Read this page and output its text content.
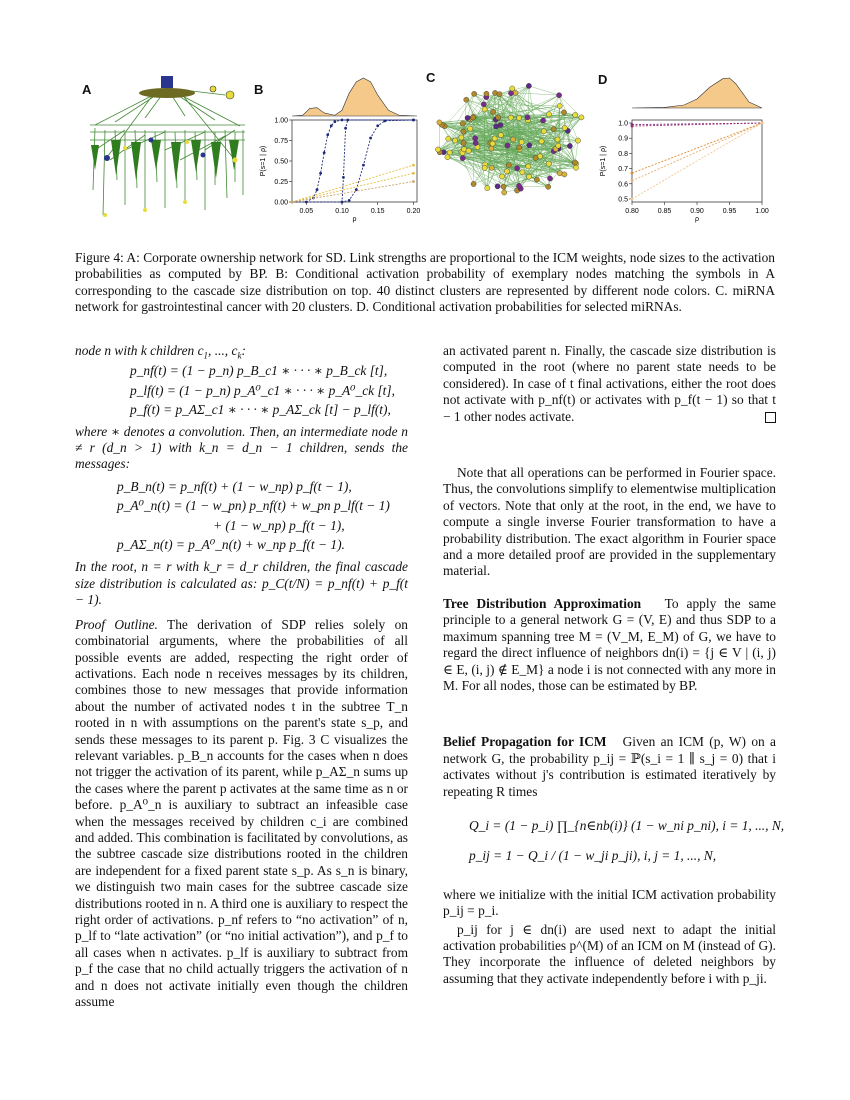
A	B
0.00
0.25
0.50
0.75
1.00
0.05	0.10	0.15	0.20
ρ
P(s=1 | ρ)
C	D
0.5
0.6
0.7
0.8
0.9
1.0
0.80	0.85	0.90	0.95	1.00
ρ
P(s=1 | ρ)

Figure 4: A: Corporate ownership network for SD. Link strengths are proportional to the ICM weights, node sizes to the activation probabilities as computed by BP. B: Conditional activation probability of exemplary nodes matching the symbols in A corresponding to the cascade size distribution on top. 40 distinct clusters are represented by different node colors. C. miRNA network for gastrointestinal cancer with 20 clusters. D. Conditional activation probabilities for selected miRNAs.

node n with k children $c_1$, ..., $c_k$:

p_nf(t) = (1 − p_n) p_B_c1 ∗ · · · ∗ p_B_ck [t],
p_lf(t) = (1 − p_n) p_A⁰_c1 ∗ · · · ∗ p_A⁰_ck [t],
p_f(t) = p_AΣ_c1 ∗ · · · ∗ p_AΣ_ck [t] − p_lf(t),

where ∗ denotes a convolution. Then, an intermediate node n ≠ r (d_n > 1) with k_n = d_n − 1 children, sends the messages:

p_B_n(t) = p_nf(t) + (1 − w_np) p_f(t − 1),
p_A⁰_n(t) = (1 − w_pn) p_nf(t) + w_pn p_lf(t − 1)
+ (1 − w_np) p_f(t − 1),
p_AΣ_n(t) = p_A⁰_n(t) + w_np p_f(t − 1).

In the root, n = r with k_r = d_r children, the final cascade size distribution is calculated as: p_C(t/N) = p_nf(t) + p_f(t − 1).

Proof Outline. The derivation of SDP relies solely on combinatorial arguments, where the probabilities of all possible events are added, respecting the right order of activations. Each node n receives messages by its children, combines those to new messages that provide information about the number of activated nodes t in the subtree T_n rooted in n with assumptions on the parent's state s_p, and sends these messages to its parent p. Fig. 3 C visualizes the relevant variables. p_B_n accounts for the cases when n does not trigger the activation of its parent, while p_AΣ_n sums up the cases where the parent p activates at the same time as n or before. p_A⁰_n is auxiliary to subtract an infeasible case when the messages received by children c_i are combined and added. This combination is facilitated by convolutions, as the subtree cascade size distributions rooted in the children are independent for a fixed parent state s_p. As s_n is binary, we distinguish two main cases for the subtree cascade size distributions rooted in n. A third one is auxiliary to respect the right order of activations. p_nf refers to “no activation” of n, p_lf to “late activation” (or “no initial activation”), and p_f to all cases when n activates. p_lf is auxiliary to subtract from p_f the case that no child actually triggers the activation of n and n does not activate initially even though the children assume

an activated parent n. Finally, the cascade size distribution is computed in the root (where no parent state needs to be considered). In case of t final activations, either the root does not activate with p_nf(t) or activates with p_f(t − 1) so that t − 1 other nodes activate.

Note that all operations can be performed in Fourier space. Thus, the convolutions simplify to elementwise multiplication of vectors. Note that only at the root, in the end, we have to compute a single inverse Fourier transformation to have a probability distribution. The exact algorithm in Fourier space and a more detailed proof are provided in the supplementary material.

Tree Distribution Approximation To apply the same principle to a general network G = (V, E) and thus SDP to a maximum spanning tree M = (V_M, E_M) of G, we have to regard the direct influence of neighbors dn(i) = {j ∈ V | (i, j) ∈ E, (i, j) ∉ E_M} a node i is not connected with any more in M. For all nodes, those can be estimated by BP.

Belief Propagation for ICM Given an ICM (p, W) on a network G, the probability p_ij = ℙ(s_i = 1 ∥ s_j = 0) that i activates without j's contribution is estimated iteratively by repeating R times

Q_i = (1 − p_i) ∏_{n∈nb(i)} (1 − w_ni p_ni), i = 1, ..., N,
p_ij = 1 − Q_i / (1 − w_ji p_ji), i, j = 1, ..., N,

where we initialize with the initial ICM activation probability p_ij = p_i.

p_ij for j ∈ dn(i) are used next to adapt the initial activation probabilities p^(M) of an ICM on M (instead of G). They incorporate the influence of deleted neighbors by assuming that they activate independently before i with p_ji.
